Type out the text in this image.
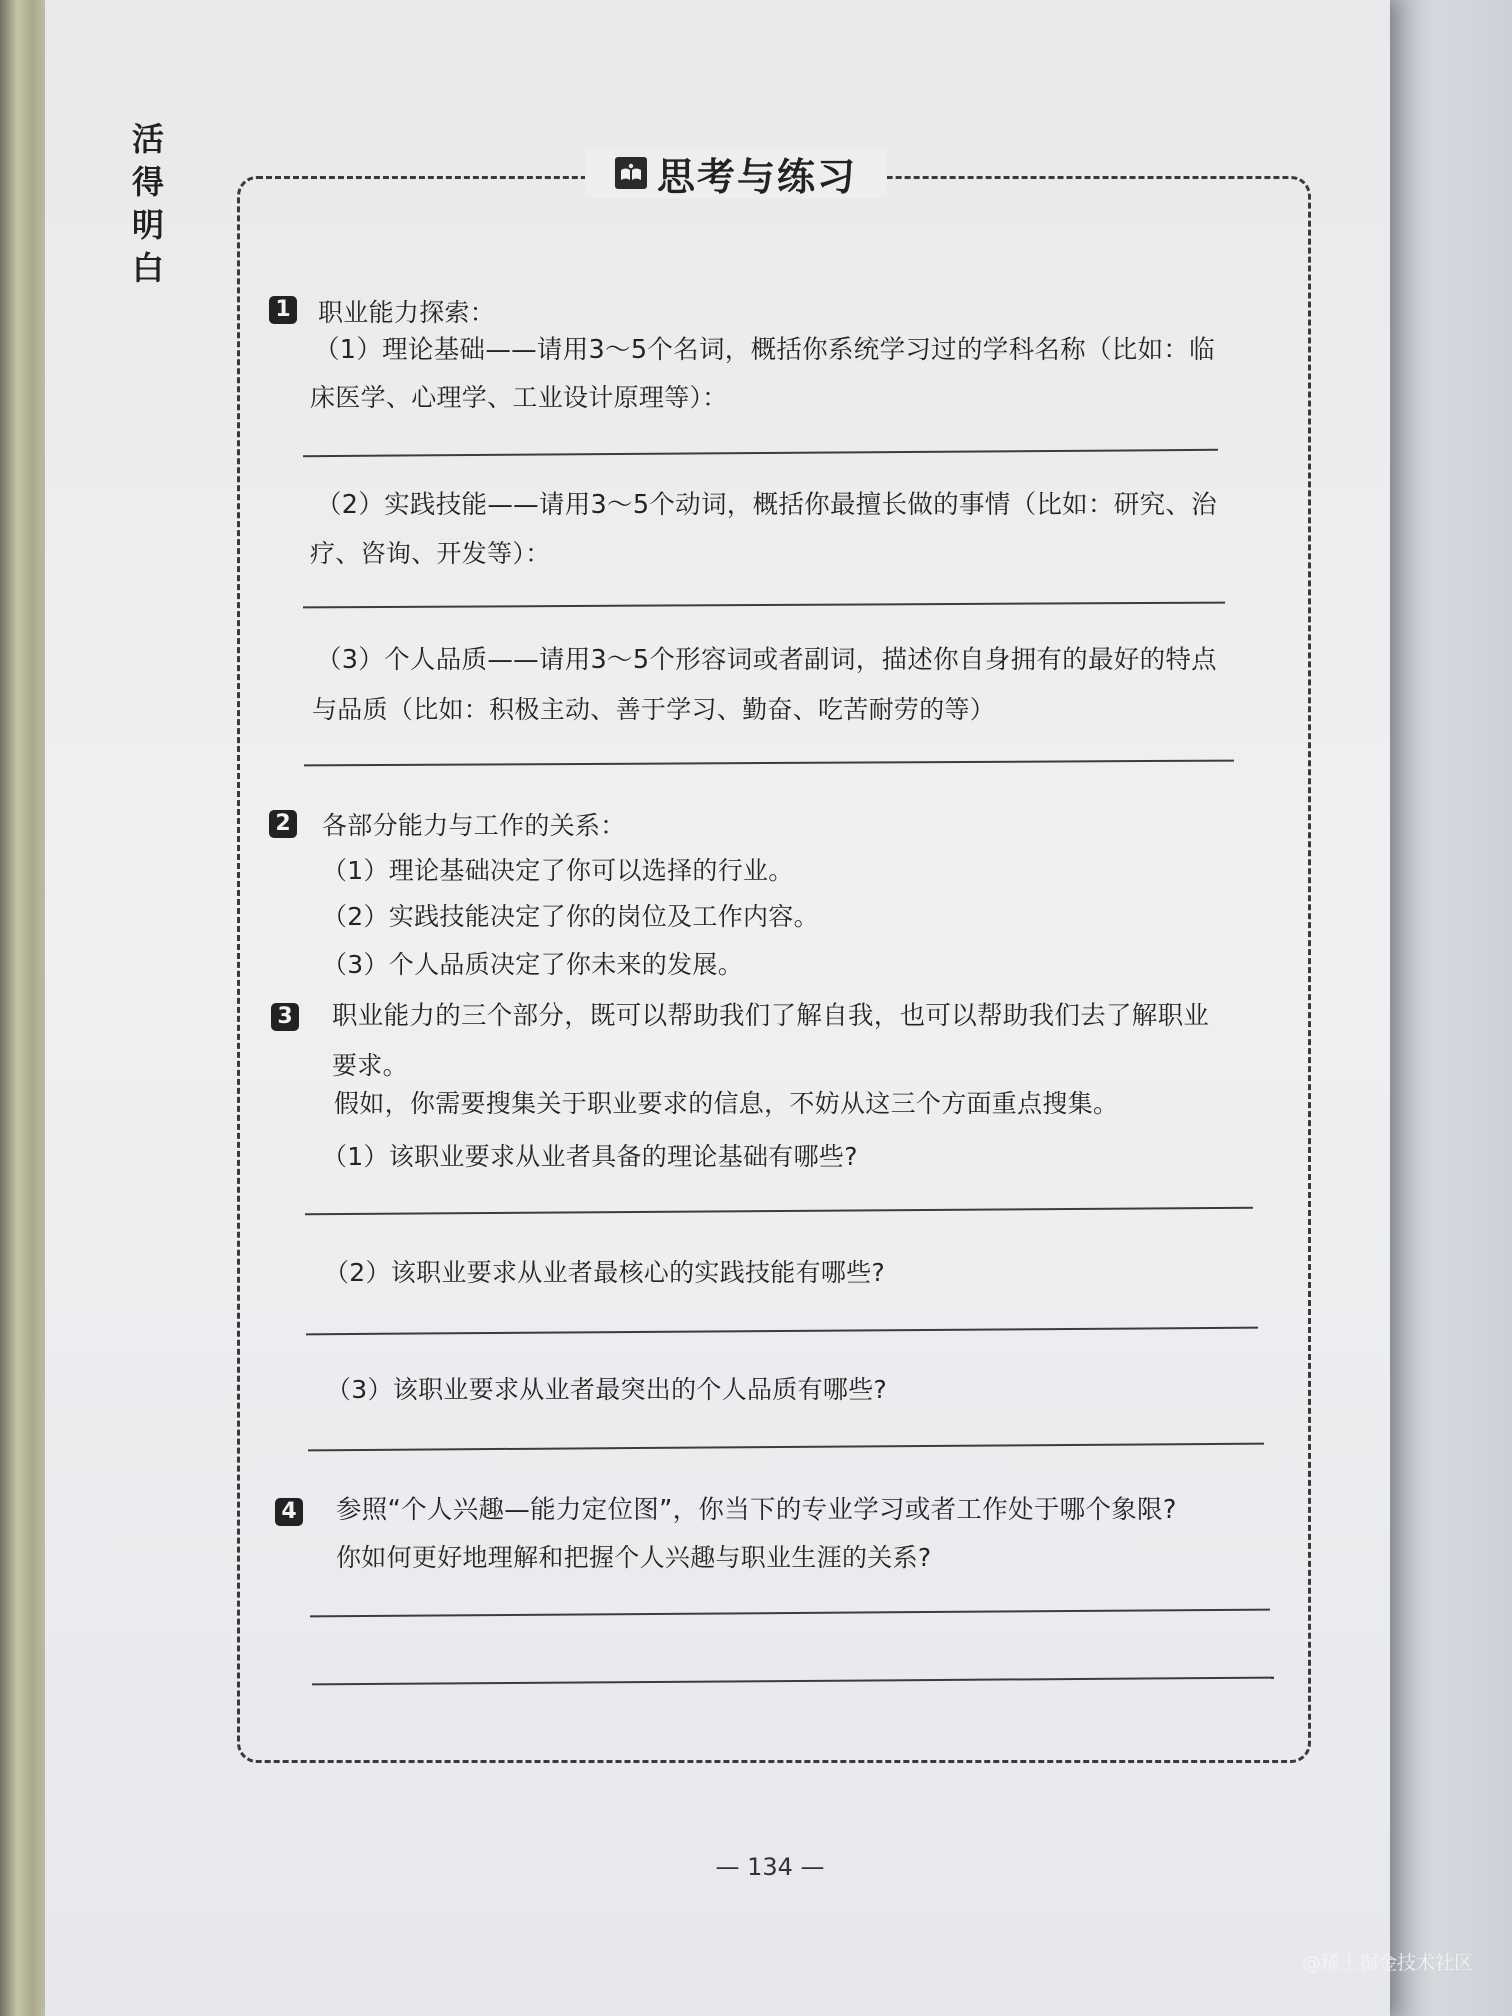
活
得
明
白
思考与练习
1 职业能力探索：
（1）理论基础——请用3～5个名词，概括你系统学习过的学科名称（比如：临
床医学、心理学、工业设计原理等）：
（2）实践技能——请用3～5个动词，概括你最擅长做的事情（比如：研究、治
疗、咨询、开发等）：
（3）个人品质——请用3～5个形容词或者副词，描述你自身拥有的最好的特点
与品质（比如：积极主动、善于学习、勤奋、吃苦耐劳的等）
2 各部分能力与工作的关系：
（1）理论基础决定了你可以选择的行业。
（2）实践技能决定了你的岗位及工作内容。
（3）个人品质决定了你未来的发展。
3 职业能力的三个部分，既可以帮助我们了解自我，也可以帮助我们去了解职业
要求。
假如，你需要搜集关于职业要求的信息，不妨从这三个方面重点搜集。
（1）该职业要求从业者具备的理论基础有哪些?
（2）该职业要求从业者最核心的实践技能有哪些?
（3）该职业要求从业者最突出的个人品质有哪些?
4 参照“个人兴趣—能力定位图”，你当下的专业学习或者工作处于哪个象限?
你如何更好地理解和把握个人兴趣与职业生涯的关系?
— 134 —
@稀土掘金技术社区
